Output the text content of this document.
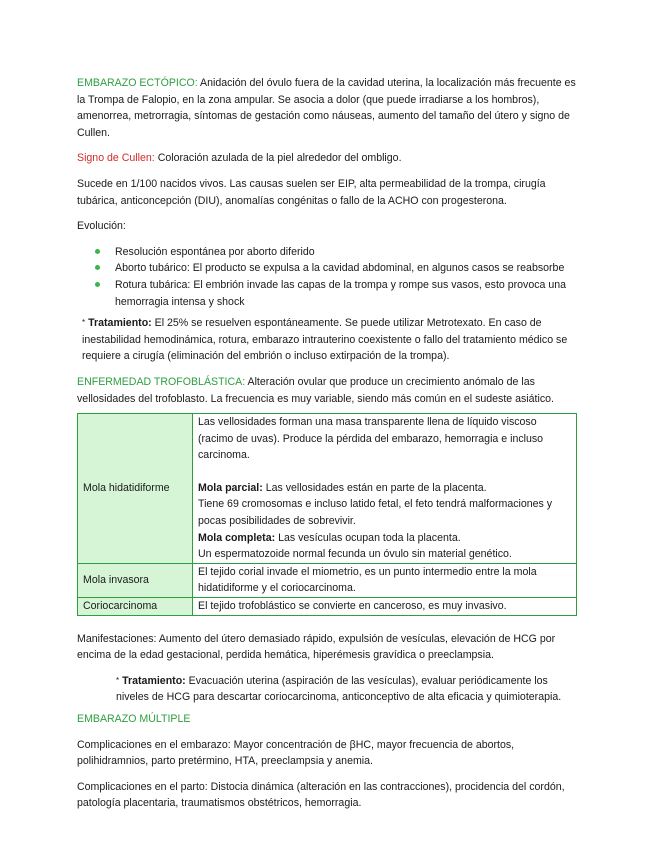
EMBARAZO ECTÓPICO: Anidación del óvulo fuera de la cavidad uterina, la localización más frecuente es la Trompa de Falopio, en la zona ampular. Se asocia a dolor (que puede irradiarse a los hombros), amenorrea, metrorragia, síntomas de gestación como náuseas, aumento del tamaño del útero y signo de Cullen.

Signo de Cullen: Coloración azulada de la piel alrededor del ombligo.

Sucede en 1/100 nacidos vivos. Las causas suelen ser EIP, alta permeabilidad de la trompa, cirugía tubárica, anticoncepción (DIU), anomalías congénitas o fallo de la ACHO con progesterona.

Evolución:

Resolución espontánea por aborto diferido
Aborto tubárico: El producto se expulsa a la cavidad abdominal, en algunos casos se reabsorbe
Rotura tubárica: El embrión invade las capas de la trompa y rompe sus vasos, esto provoca una hemorragia intensa y shock

* Tratamiento: El 25% se resuelven espontáneamente. Se puede utilizar Metrotexato. En caso de inestabilidad hemodinámica, rotura, embarazo intrauterino coexistente o fallo del tratamiento médico se requiere a cirugía (eliminación del embrión o incluso extirpación de la trompa).

ENFERMEDAD TROFOBLÁSTICA: Alteración ovular que produce un crecimiento anómalo de las vellosidades del trofoblasto. La frecuencia es muy variable, siendo más común en el sudeste asiático.

Mola hidatidiforme	Las vellosidades forman una masa transparente llena de líquido viscoso (racimo de uvas). Produce la pérdida del embarazo, hemorragia e incluso carcinoma.
Mola parcial: Las vellosidades están en parte de la placenta.
Tiene 69 cromosomas e incluso latido fetal, el feto tendrá malformaciones y pocas posibilidades de sobrevivir.
Mola completa: Las vesículas ocupan toda la placenta.
Un espermatozoide normal fecunda un óvulo sin material genético.

Mola invasora	El tejido corial invade el miometrio, es un punto intermedio entre la mola hidatidiforme y el coriocarcinoma.
Coriocarcinoma	El tejido trofoblástico se convierte en canceroso, es muy invasivo.

Manifestaciones: Aumento del útero demasiado rápido, expulsión de vesículas, elevación de HCG por encima de la edad gestacional, perdida hemática, hiperémesis gravídica o preeclampsia.

* Tratamiento: Evacuación uterina (aspiración de las vesículas), evaluar periódicamente los niveles de HCG para descartar coriocarcinoma, anticonceptivo de alta eficacia y quimioterapia.

EMBARAZO MÚLTIPLE

Complicaciones en el embarazo: Mayor concentración de βHC, mayor frecuencia de abortos, polihidramnios, parto pretérmino, HTA, preeclampsia y anemia.

Complicaciones en el parto: Distocia dinámica (alteración en las contracciones), procidencia del cordón, patología placentaria, traumatismos obstétricos, hemorragia.
